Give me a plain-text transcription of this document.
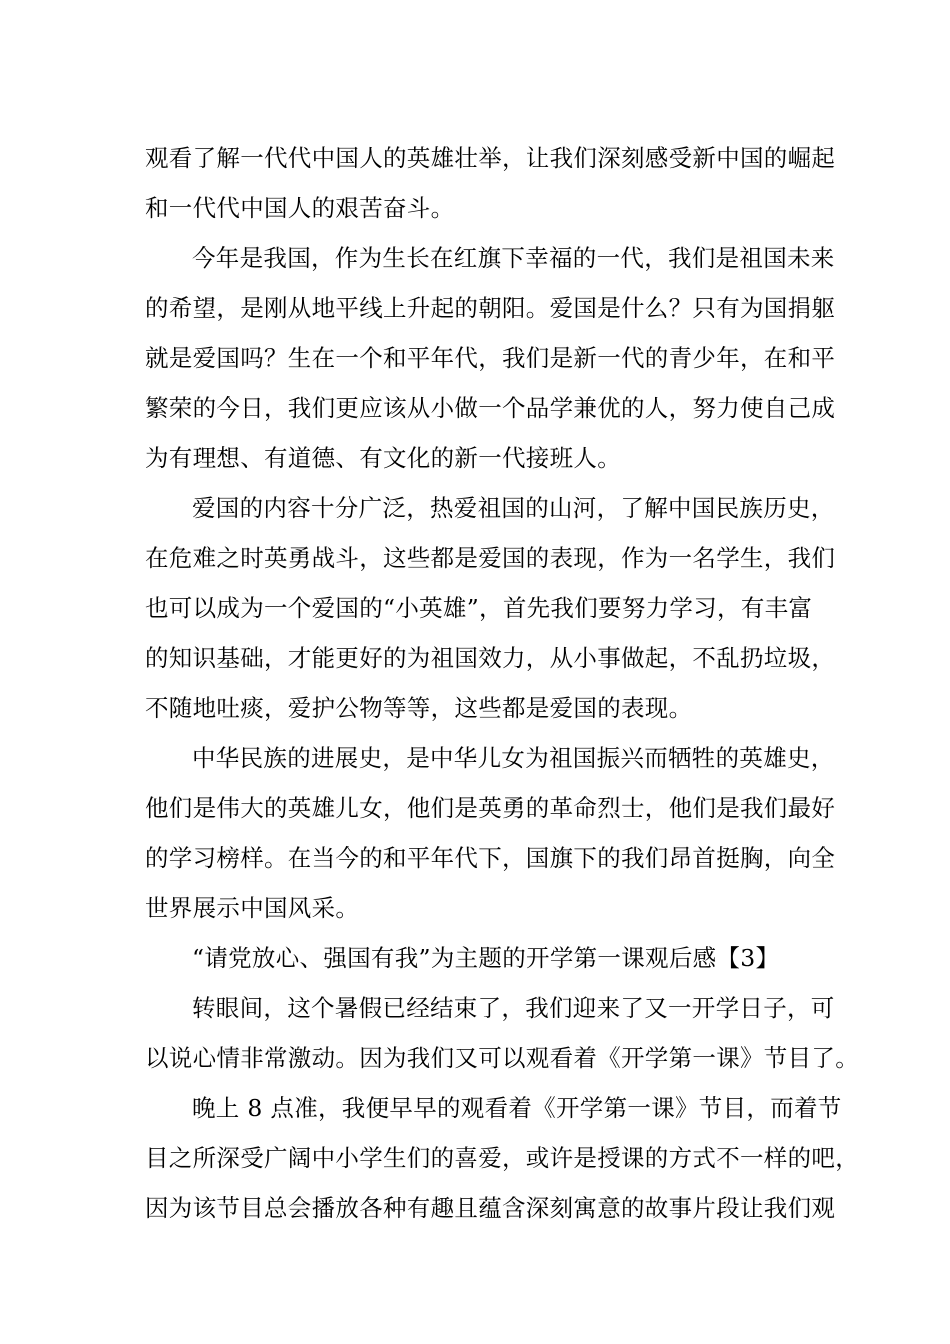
观看了解一代代中国人的英雄壮举，让我们深刻感受新中国的崛起
和一代代中国人的艰苦奋斗。
今年是我国，作为生长在红旗下幸福的一代，我们是祖国未来
的希望，是刚从地平线上升起的朝阳。爱国是什么？只有为国捐躯
就是爱国吗？生在一个和平年代，我们是新一代的青少年，在和平
繁荣的今日，我们更应该从小做一个品学兼优的人，努力使自己成
为有理想、有道德、有文化的新一代接班人。
爱国的内容十分广泛，热爱祖国的山河，了解中国民族历史，
在危难之时英勇战斗，这些都是爱国的表现，作为一名学生，我们
也可以成为一个爱国的“小英雄”，首先我们要努力学习，有丰富
的知识基础，才能更好的为祖国效力，从小事做起，不乱扔垃圾，
不随地吐痰，爱护公物等等，这些都是爱国的表现。
中华民族的进展史，是中华儿女为祖国振兴而牺牲的英雄史，
他们是伟大的英雄儿女，他们是英勇的革命烈士，他们是我们最好
的学习榜样。在当今的和平年代下，国旗下的我们昂首挺胸，向全
世界展示中国风采。
“请党放心、强国有我”为主题的开学第一课观后感【3】
转眼间，这个暑假已经结束了，我们迎来了又一开学日子，可
以说心情非常激动。因为我们又可以观看着《开学第一课》节目了。
晚上 8 点准，我便早早的观看着《开学第一课》节目，而着节
目之所深受广阔中小学生们的喜爱，或许是授课的方式不一样的吧，
因为该节目总会播放各种有趣且蕴含深刻寓意的故事片段让我们观
